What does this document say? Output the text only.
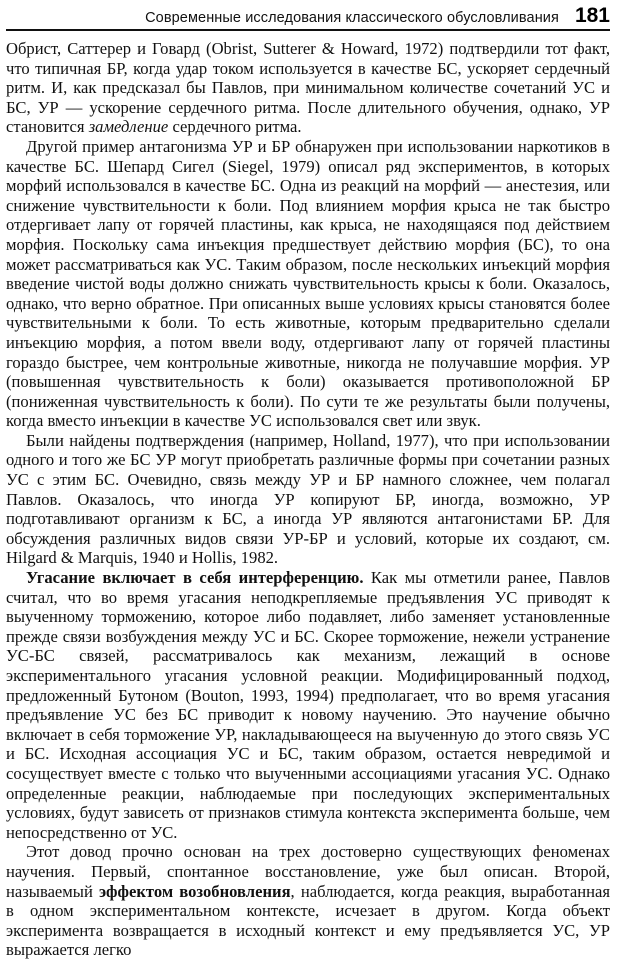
Современные исследования классического обусловливания 181

Обрист, Саттерер и Говард (Obrist, Sutterer & Howard, 1972) подтвердили тот факт, что типичная БР, когда удар током используется в качестве БС, ускоряет сердечный ритм. И, как предсказал бы Павлов, при минимальном количестве сочетаний УС и БС, УР — ускорение сердечного ритма. После длительного обучения, однако, УР становится замедление сердечного ритма.

Другой пример антагонизма УР и БР обнаружен при использовании наркотиков в качестве БС. Шепард Сигел (Siegel, 1979) описал ряд экспериментов, в которых морфий использовался в качестве БС. Одна из реакций на морфий — анестезия, или снижение чувствительности к боли. Под влиянием морфия крыса не так быстро отдергивает лапу от горячей пластины, как крыса, не находящаяся под действием морфия. Поскольку сама инъекция предшествует действию морфия (БС), то она может рассматриваться как УС. Таким образом, после нескольких инъекций морфия введение чистой воды должно снижать чувствительность крысы к боли. Оказалось, однако, что верно обратное. При описанных выше условиях крысы становятся более чувствительными к боли. То есть животные, которым предварительно сделали инъекцию морфия, а потом ввели воду, отдергивают лапу от горячей пластины гораздо быстрее, чем контрольные животные, никогда не получавшие морфия. УР (повышенная чувствительность к боли) оказывается противоположной БР (пониженная чувствительность к боли). По сути те же результаты были получены, когда вместо инъекции в качестве УС использовался свет или звук.

Были найдены подтверждения (например, Holland, 1977), что при использовании одного и того же БС УР могут приобретать различные формы при сочетании разных УС с этим БС. Очевидно, связь между УР и БР намного сложнее, чем полагал Павлов. Оказалось, что иногда УР копируют БР, иногда, возможно, УР подготавливают организм к БС, а иногда УР являются антагонистами БР. Для обсуждения различных видов связи УР-БР и условий, которые их создают, см. Hilgard & Marquis, 1940 и Hollis, 1982.

Угасание включает в себя интерференцию. Как мы отметили ранее, Павлов считал, что во время угасания неподкрепляемые предъявления УС приводят к выученному торможению, которое либо подавляет, либо заменяет установленные прежде связи возбуждения между УС и БС. Скорее торможение, нежели устранение УС-БС связей, рассматривалось как механизм, лежащий в основе экспериментального угасания условной реакции. Модифицированный подход, предложенный Бутоном (Bouton, 1993, 1994) предполагает, что во время угасания предъявление УС без БС приводит к новому научению. Это научение обычно включает в себя торможение УР, накладывающееся на выученную до этого связь УС и БС. Исходная ассоциация УС и БС, таким образом, остается невредимой и сосуществует вместе с только что выученными ассоциациями угасания УС. Однако определенные реакции, наблюдаемые при последующих экспериментальных условиях, будут зависеть от признаков стимула контекста эксперимента больше, чем непосредственно от УС.

Этот довод прочно основан на трех достоверно существующих феноменах научения. Первый, спонтанное восстановление, уже был описан. Второй, называемый эффектом возобновления, наблюдается, когда реакция, выработанная в одном экспериментальном контексте, исчезает в другом. Когда объект эксперимента возвращается в исходный контекст и ему предъявляется УС, УР выражается легко
